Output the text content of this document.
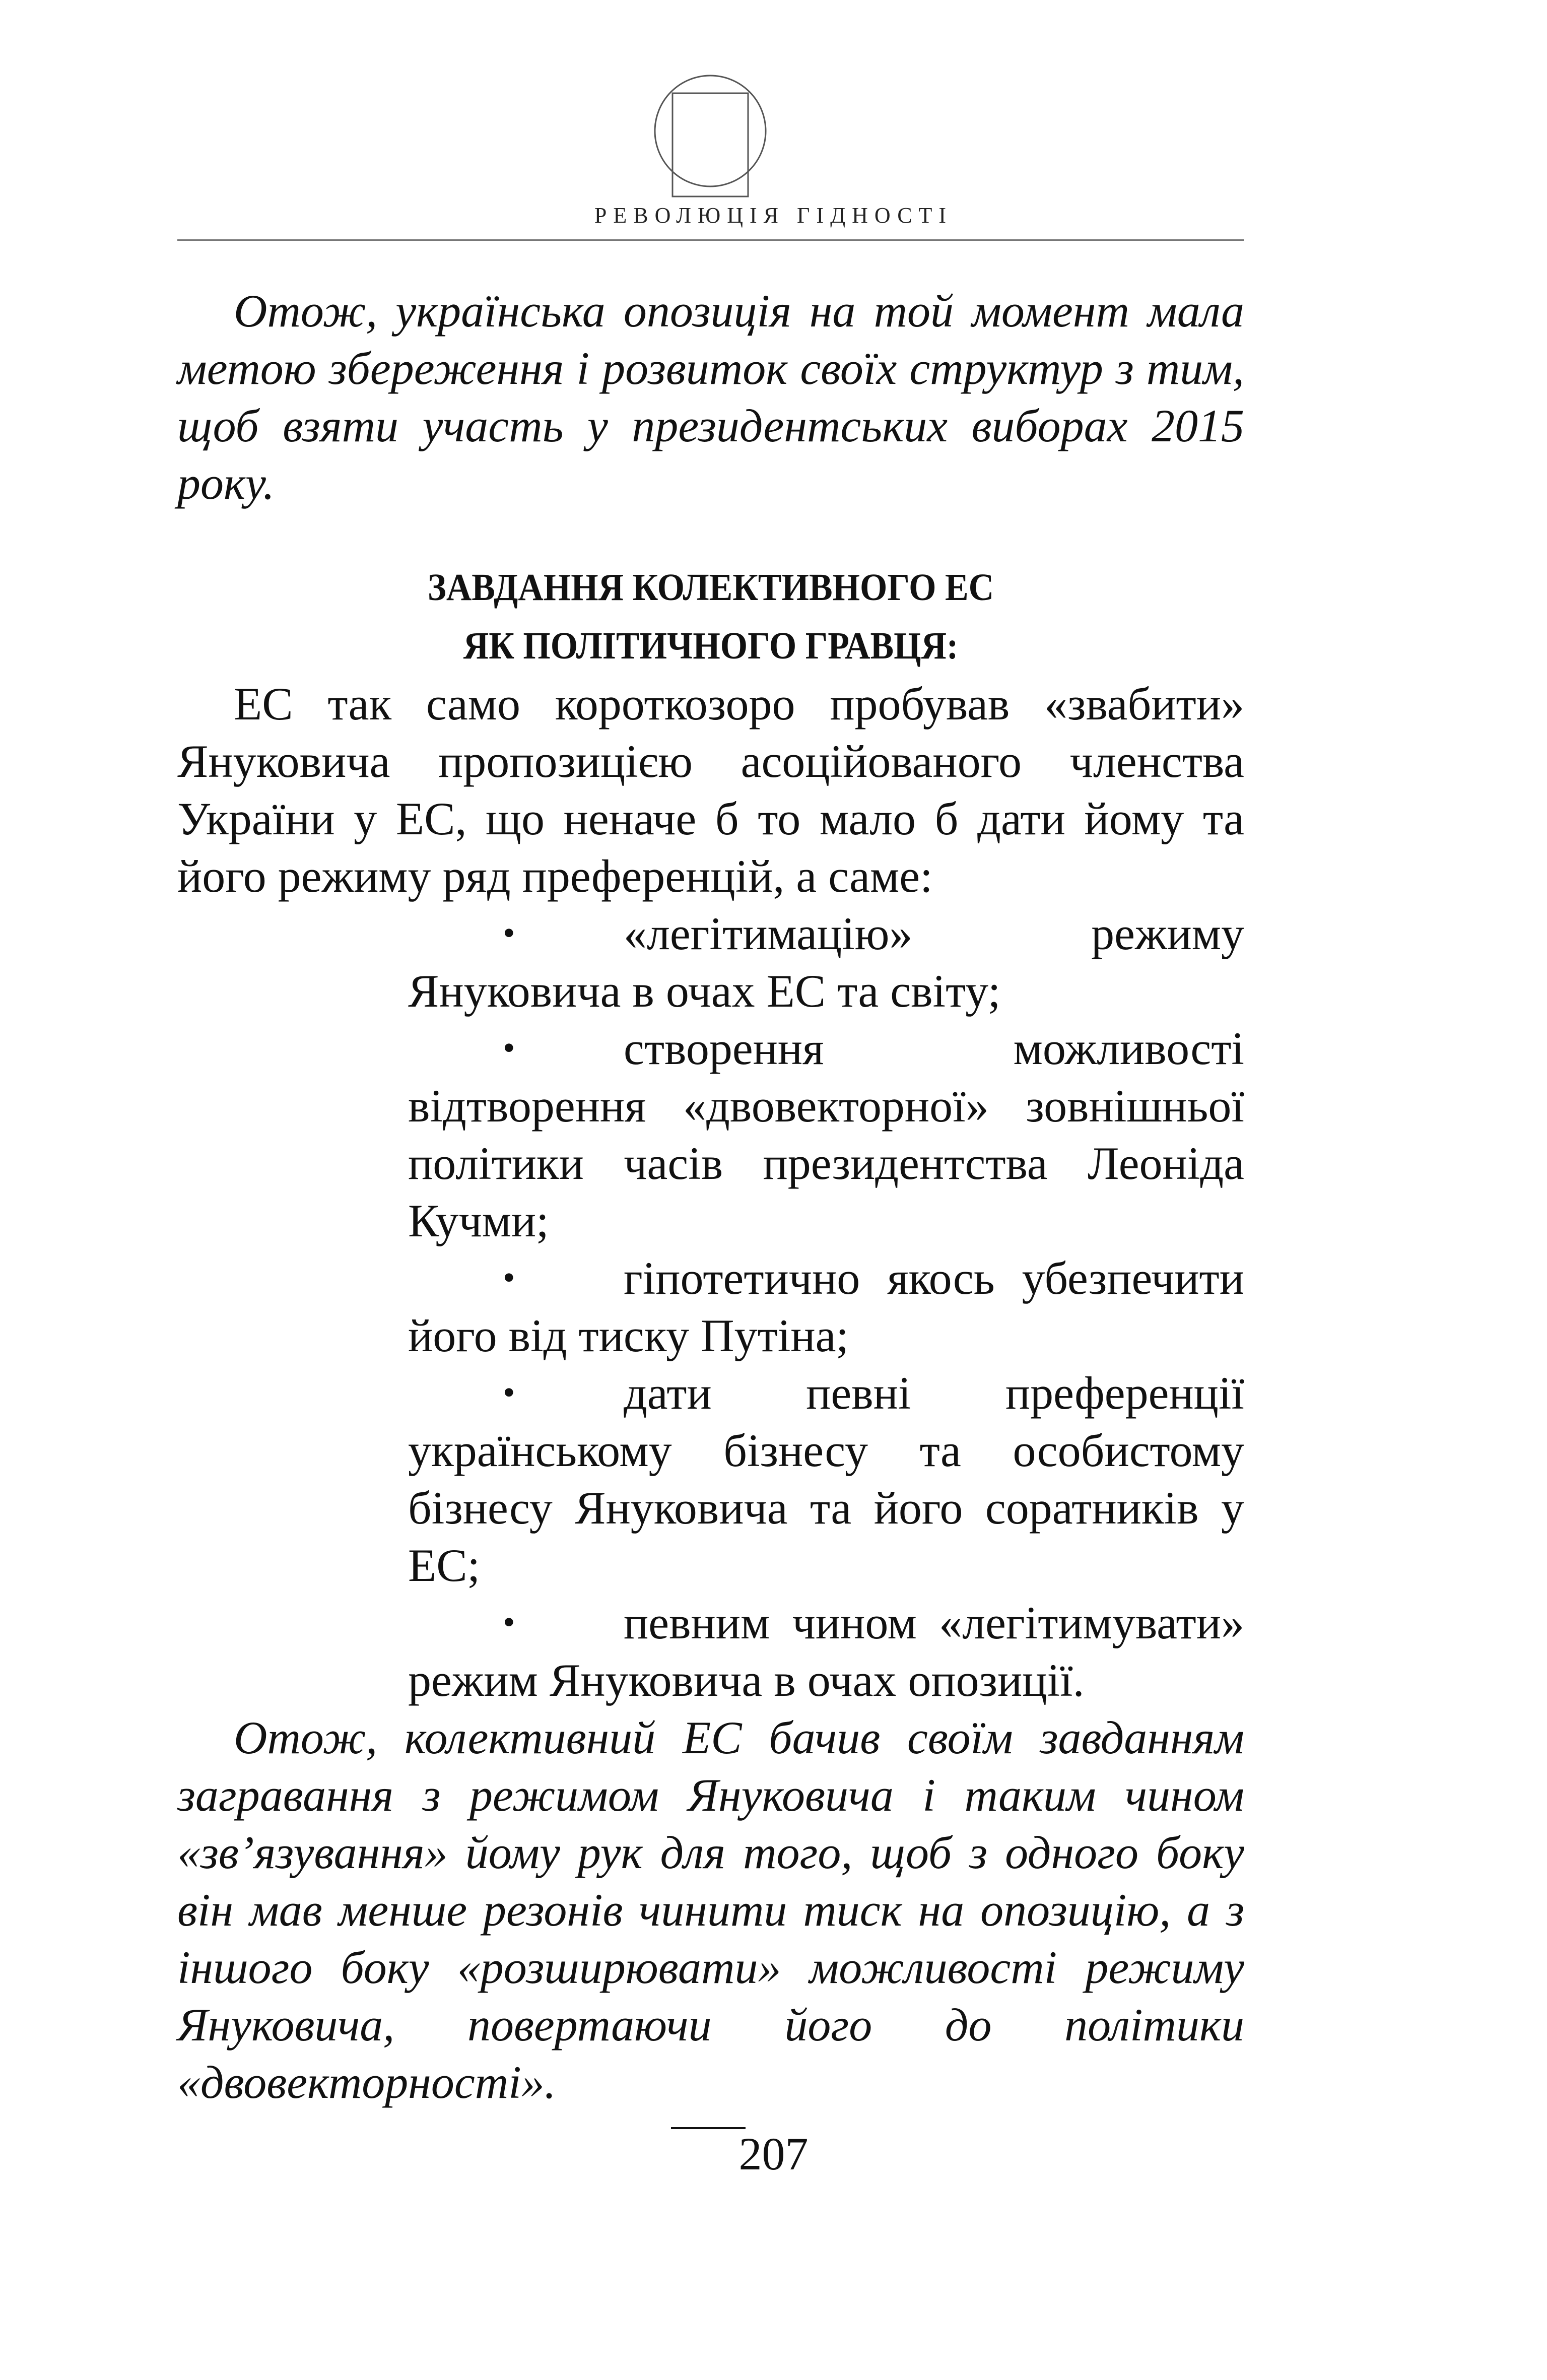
РЕВОЛЮЦІЯ ГІДНОСТІ

Отож, українська опозиція на той момент мала метою збереження і розвиток своїх структур з тим, щоб взяти участь у президентських виборах 2015 року.

ЗАВДАННЯ КОЛЕКТИВНОГО ЕС

ЯК ПОЛІТИЧНОГО ГРАВЦЯ:

ЕС так само короткозоро пробував «звабити» Януковича пропозицією асоційованого членства України у ЕС, що неначе б то мало б дати йому та його режиму ряд преференцій, а саме:

• «легітимацію» режиму Януковича в очах ЕС та світу;
• створення можливості відтворення «двовекторної» зовнішньої політики часів президентства Леоніда Кучми;
• гіпотетично якось убезпечити його від тиску Путіна;
• дати певні преференції українському бізнесу та особистому бізнесу Януковича та його соратників у ЕС;
• певним чином «легітимувати» режим Януковича в очах опозиції.

Отож, колективний ЕС бачив своїм завданням загравання з режимом Януковича і таким чином «зв’язування» йому рук для того, щоб з одного боку він мав менше резонів чинити тиск на опозицію, а з іншого боку «розширювати» можливості режиму Януковича, повертаючи його до політики «двовекторності».

207
